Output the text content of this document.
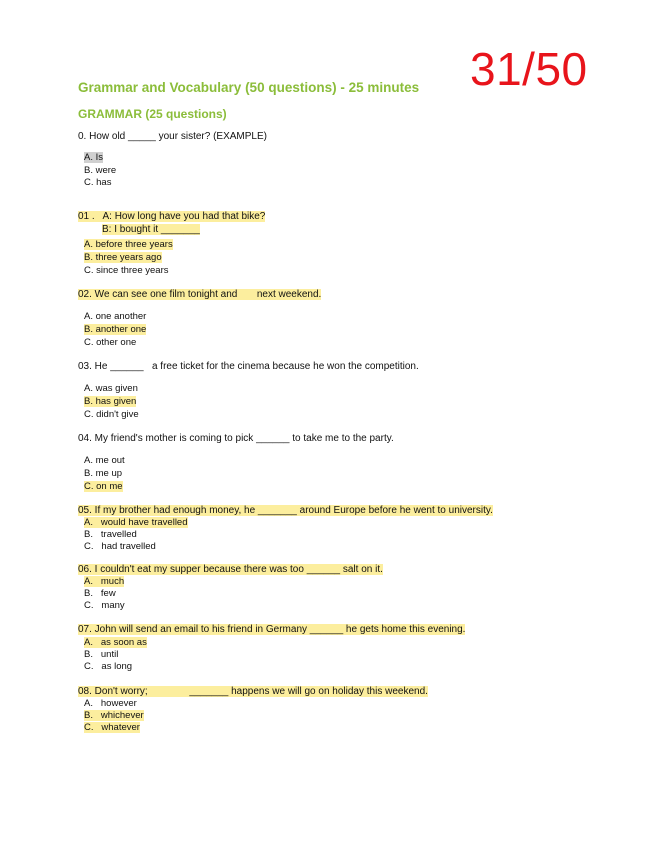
31/50
Grammar and Vocabulary (50 questions) - 25 minutes
GRAMMAR (25 questions)
0. How old _____ your sister? (EXAMPLE)
A. Is
B. were
C. has
01 .   A: How long have you had that bike?
B: I bought it _______
A. before three years
B. three years ago
C. since three years
02. We can see one film tonight and next weekend.
A. one another
B. another one
C. other one
03. He ______   a free ticket for the cinema because he won the competition.
A. was given
B. has given
C. didn't give
04. My friend's mother is coming to pick ______ to take me to the party.
A. me out
B. me up
C. on me
05. If my brother had enough money, he _______ around Europe before he went to university.
A.   would have travelled
B.   travelled
C.   had travelled
06. I couldn't eat my supper because there was too ______ salt on it.
A.   much
B.   few
C.   many
07. John will send an email to his friend in Germany ______ he gets home this evening.
A.   as soon as
B.   until
C.   as long
08. Don't worry;	_______ happens we will go on holiday this weekend.
A.   however
B.   whichever
C.   whatever
